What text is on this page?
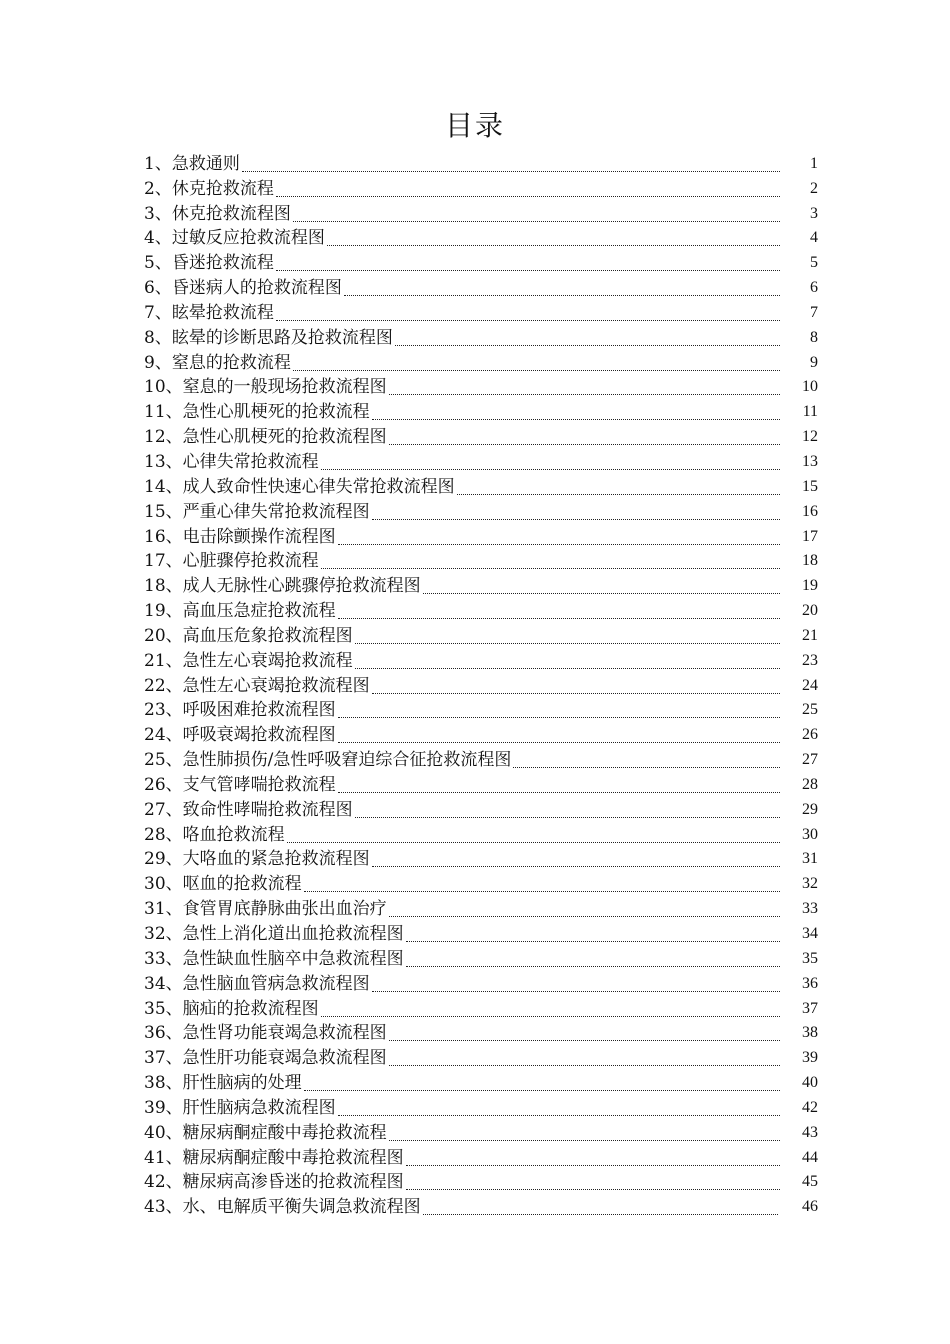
目录
1、急救通则	1
2、休克抢救流程	2
3、休克抢救流程图	3
4、过敏反应抢救流程图	4
5、昏迷抢救流程	5
6、昏迷病人的抢救流程图	6
7、眩晕抢救流程	7
8、眩晕的诊断思路及抢救流程图	8
9、窒息的抢救流程	9
10、窒息的一般现场抢救流程图	10
11、急性心肌梗死的抢救流程	11
12、急性心肌梗死的抢救流程图	12
13、心律失常抢救流程	13
14、成人致命性快速心律失常抢救流程图	15
15、严重心律失常抢救流程图	16
16、电击除颤操作流程图	17
17、心脏骤停抢救流程	18
18、成人无脉性心跳骤停抢救流程图	19
19、高血压急症抢救流程	20
20、高血压危象抢救流程图	21
21、急性左心衰竭抢救流程	23
22、急性左心衰竭抢救流程图	24
23、呼吸困难抢救流程图	25
24、呼吸衰竭抢救流程图	26
25、急性肺损伤/急性呼吸窘迫综合征抢救流程图	27
26、支气管哮喘抢救流程	28
27、致命性哮喘抢救流程图	29
28、咯血抢救流程	30
29、大咯血的紧急抢救流程图	31
30、呕血的抢救流程	32
31、食管胃底静脉曲张出血治疗	33
32、急性上消化道出血抢救流程图	34
33、急性缺血性脑卒中急救流程图	35
34、急性脑血管病急救流程图	36
35、脑疝的抢救流程图	37
36、急性肾功能衰竭急救流程图	38
37、急性肝功能衰竭急救流程图	39
38、肝性脑病的处理	40
39、肝性脑病急救流程图	42
40、糖尿病酮症酸中毒抢救流程	43
41、糖尿病酮症酸中毒抢救流程图	44
42、糖尿病高渗昏迷的抢救流程图	45
43、水、电解质平衡失调急救流程图	46
